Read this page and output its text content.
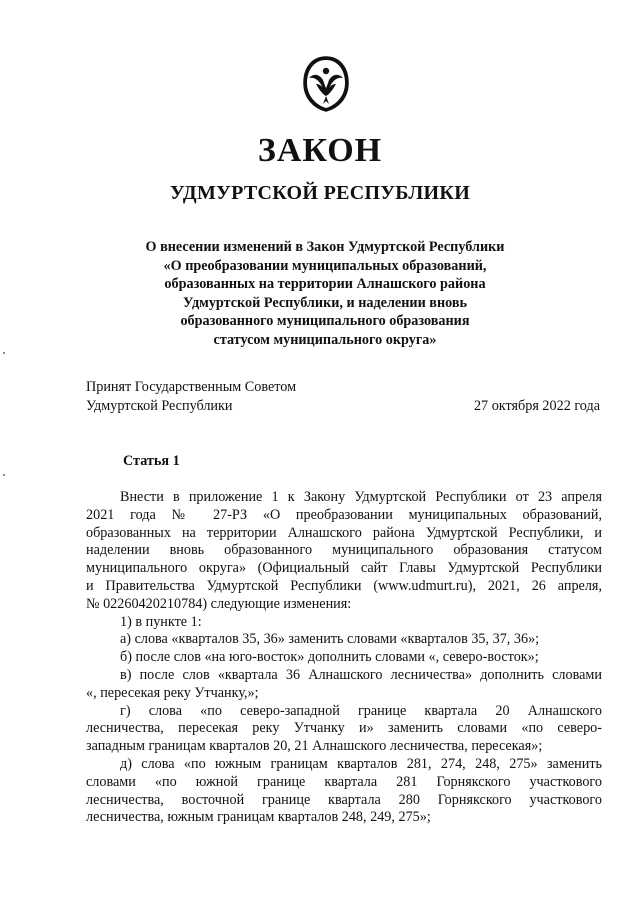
ЗАКОН
УДМУРТСКОЙ РЕСПУБЛИКИ
О внесении изменений в Закон Удмуртской Республики
«О преобразовании муниципальных образований,
образованных на территории Алнашского района
Удмуртской Республики, и наделении вновь
образованного муниципального образования
статусом муниципального округа»
Принят Государственным Советом
Удмуртской Республики	27 октября 2022 года
Статья 1
Внести в приложение 1 к Закону Удмуртской Республики от 23 апреля
2021 года № 27-РЗ «О преобразовании муниципальных образований,
образованных на территории Алнашского района Удмуртской Республики, и
наделении вновь образованного муниципального образования статусом
муниципального округа» (Официальный сайт Главы Удмуртской Республики
и Правительства Удмуртской Республики (www.udmurt.ru), 2021, 26 апреля,
№ 02260420210784) следующие изменения:
1) в пункте 1:
а) слова «кварталов 35, 36» заменить словами «кварталов 35, 37, 36»;
б) после слов «на юго-восток» дополнить словами «, северо-восток»;
в) после слов «квартала 36 Алнашского лесничества» дополнить словами
«, пересекая реку Утчанку,»;
г) слова «по северо-западной границе квартала 20 Алнашского
лесничества, пересекая реку Утчанку и» заменить словами «по северо-
западным границам кварталов 20, 21 Алнашского лесничества, пересекая»;
д) слова «по южным границам кварталов 281, 274, 248, 275» заменить
словами «по южной границе квартала 281 Горнякского участкового
лесничества, восточной границе квартала 280 Горнякского участкового
лесничества, южным границам кварталов 248, 249, 275»;
